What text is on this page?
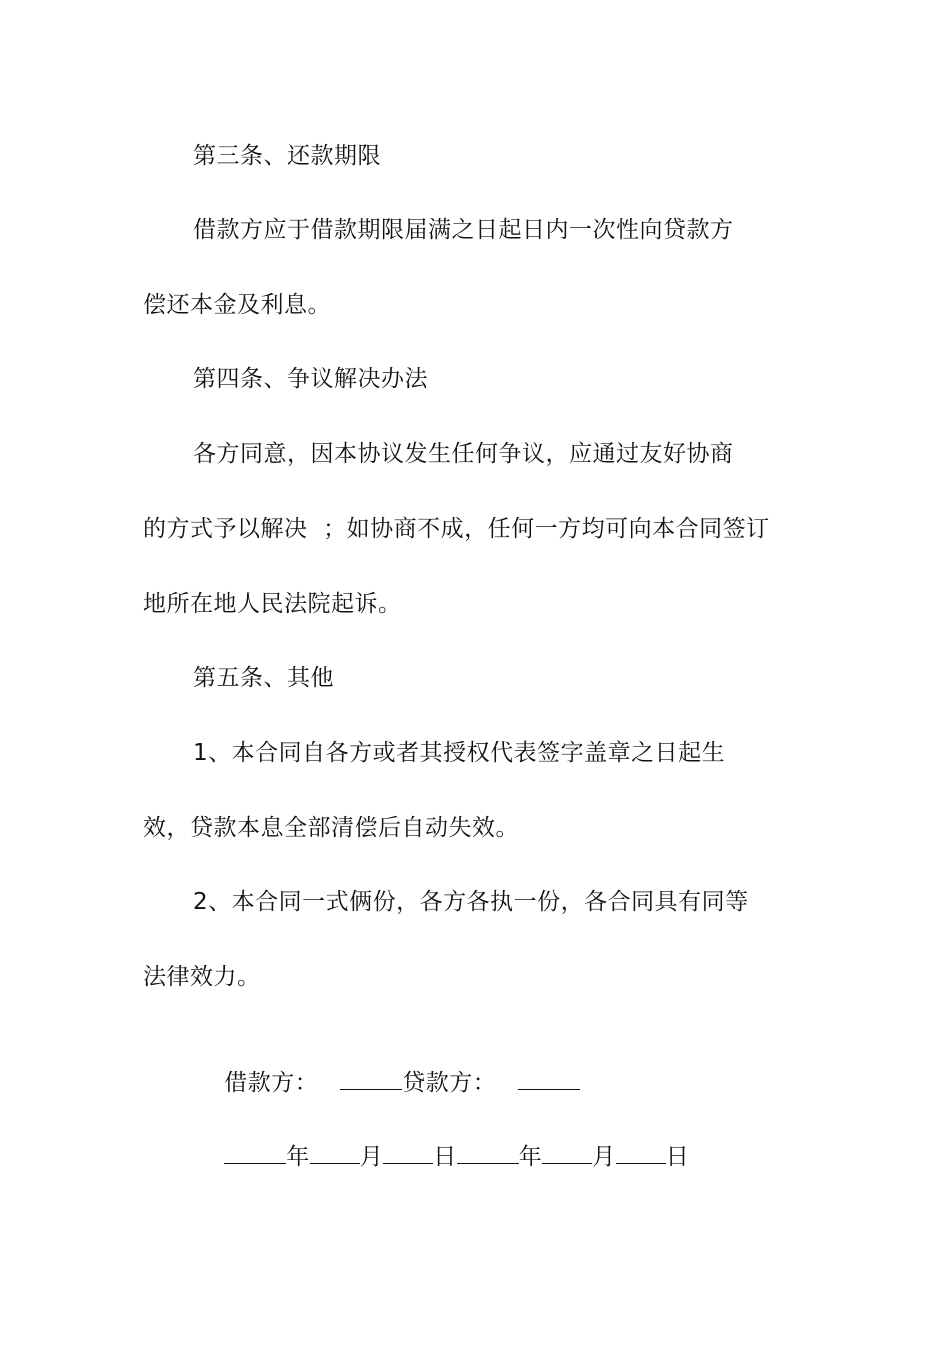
第三条、还款期限
借款方应于借款期限届满之日起日内一次性向贷款方
偿还本金及利息。
第四条、争议解决办法
各方同意，因本协议发生任何争议，应通过友好协商
的方式予以解决  ；如协商不成，任何一方均可向本合同签订
地所在地人民法院起诉。
第五条、其他
1、本合同自各方或者其授权代表签字盖章之日起生
效，贷款本息全部清偿后自动失效。
2、本合同一式俩份，各方各执一份，各合同具有同等
法律效力。

借款方：	贷款方：

年 月 日	年 月 日
